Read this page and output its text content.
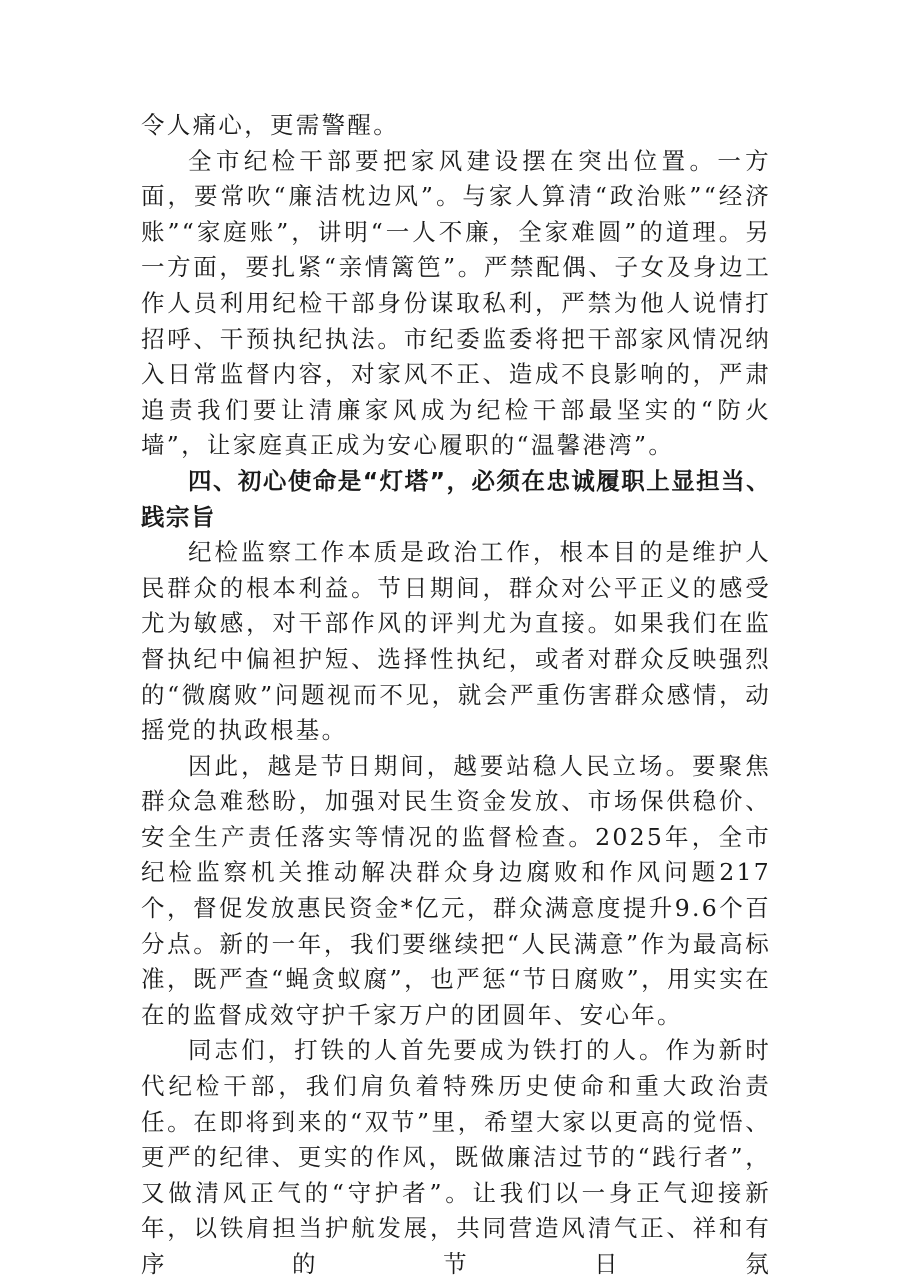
令人痛心，更需警醒。

全市纪检干部要把家风建设摆在突出位置。一方面，要常吹“廉洁枕边风”。与家人算清“政治账”“经济账”“家庭账”，讲明“一人不廉，全家难圆”的道理。另一方面，要扎紧“亲情篱笆”。严禁配偶、子女及身边工作人员利用纪检干部身份谋取私利，严禁为他人说情打招呼、干预执纪执法。市纪委监委将把干部家风情况纳入日常监督内容，对家风不正、造成不良影响的，严肃追责我们要让清廉家风成为纪检干部最坚实的“防火墙”，让家庭真正成为安心履职的“温馨港湾”。

四、初心使命是“灯塔”，必须在忠诚履职上显担当、践宗旨

纪检监察工作本质是政治工作，根本目的是维护人民群众的根本利益。节日期间，群众对公平正义的感受尤为敏感，对干部作风的评判尤为直接。如果我们在监督执纪中偏袒护短、选择性执纪，或者对群众反映强烈的“微腐败”问题视而不见，就会严重伤害群众感情，动摇党的执政根基。

因此，越是节日期间，越要站稳人民立场。要聚焦群众急难愁盼，加强对民生资金发放、市场保供稳价、安全生产责任落实等情况的监督检查。2025年，全市纪检监察机关推动解决群众身边腐败和作风问题217个，督促发放惠民资金*亿元，群众满意度提升9.6个百分点。新的一年，我们要继续把“人民满意”作为最高标准，既严查“蝇贪蚁腐”，也严惩“节日腐败”，用实实在在的监督成效守护千家万户的团圆年、安心年。

同志们，打铁的人首先要成为铁打的人。作为新时代纪检干部，我们肩负着特殊历史使命和重大政治责任。在即将到来的“双节”里，希望大家以更高的觉悟、更严的纪律、更实的作风，既做廉洁过节的“践行者”，又做清风正气的“守护者”。让我们以一身正气迎接新年，以铁肩担当护航发展，共同营造风清气正、祥和有序的节日氛
